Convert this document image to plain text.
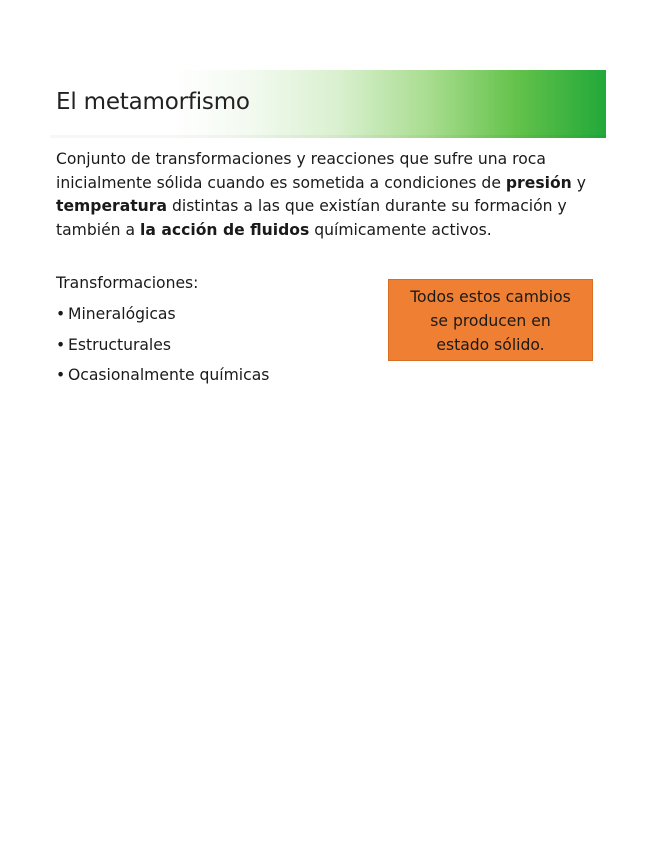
El metamorfismo

Conjunto de transformaciones y reacciones que sufre una roca inicialmente sólida cuando es sometida a condiciones de presión y temperatura distintas a las que existían durante su formación y también a la acción de fluidos químicamente activos.

Transformaciones:

• Mineralógicas
• Estructurales
• Ocasionalmente químicas
Todos estos cambios
se producen en
estado sólido.
